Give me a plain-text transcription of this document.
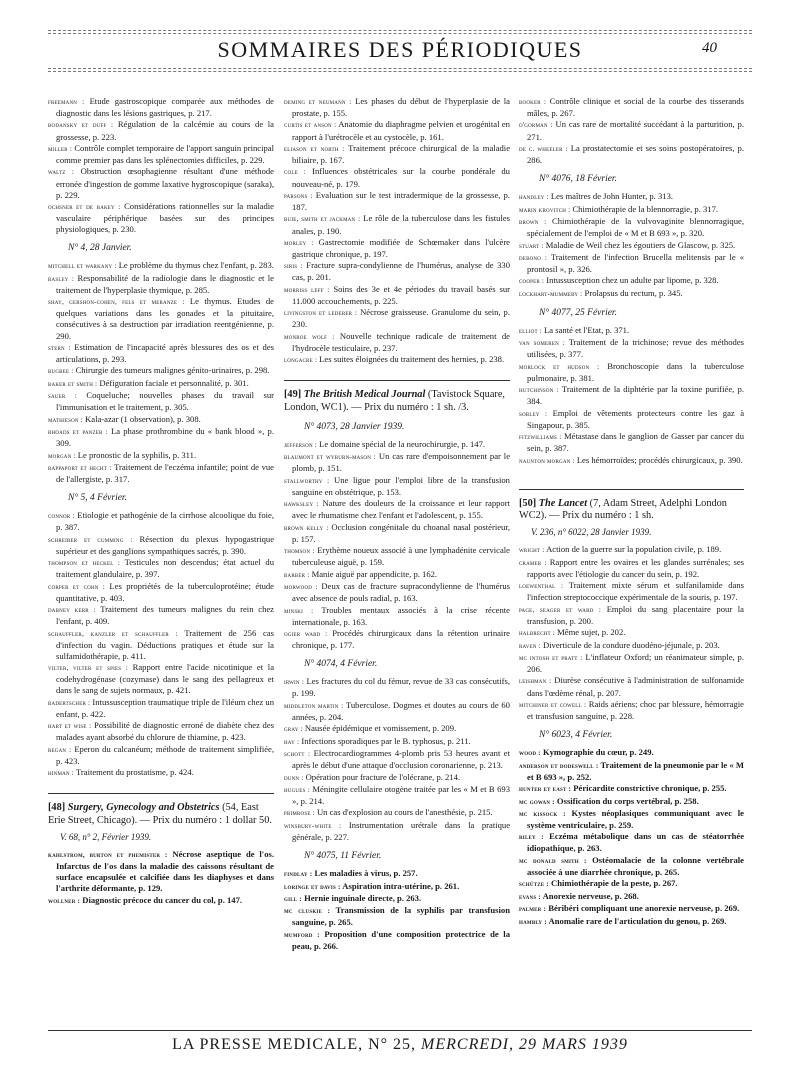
SOMMAIRES DES PÉRIODIQUES	40
freemann : Etude gastroscopique comparée aux méthodes de diagnostic dans les lésions gastriques, p. 217.
bodansky et duff : Régulation de la calcémie au cours de la grossesse, p. 223.
miller : Contrôle complet temporaire de l'apport sanguin principal comme premier pas dans les splénectomies difficiles, p. 229.
waltz : Obstruction œsophagienne résultant d'une méthode erronée d'ingestion de gomme laxative hygroscopique (saraka), p. 229.
ochsner et de bakey : Considérations rationnelles sur la maladie vasculaire périphérique basées sur des principes physiologiques, p. 230.
N° 4, 28 Janvier.
mitchell et warkany : Le problème du thymus chez l'enfant, p. 283.
basley : Responsabilité de la radiologie dans le diagnostic et le traitement de l'hyperplasie thymique, p. 285.
shay, gershon-cohen, fels et meranze : Le thymus. Etudes de quelques variations dans les gonades et la pituitaire, consécutives à sa destruction par irradiation reentgénienne, p. 290.
stern : Estimation de l'incapacité après blessures des os et des articulations, p. 293.
bugbee : Chirurgie des tumeurs malignes génito-urinaires, p. 298.
baker et smith : Défiguration faciale et personnalité, p. 301.
sauer : Coqueluche; nouvelles phases du travail sur l'immunisation et le traitement, p. 305.
mathieson : Kala-azar (1 observation), p. 308.
rhoads et panzer : La phase prothrombine du « bank blood », p. 309.
morgan : Le pronostic de la syphilis, p. 311.
rappaport et hecht : Traitement de l'eczéma infantile; point de vue de l'allergiste, p. 317.
N° 5, 4 Février.
connor : Etiologie et pathogénie de la cirrhose alcoolique du foie, p. 387.
schreiber et cumming : Résection du plexus hypogastrique supérieur et des ganglions sympathiques sacrés, p. 390.
thompson et heckel : Testicules non descendus; état actuel du traitement glandulaire, p. 397.
corper et cohn : Les propriétés de la tuberculoprotéine; étude quantitative, p. 403.
dabney kerr : Traitement des tumeurs malignes du rein chez l'enfant, p. 409.
schauffler, kanzler et schauffler : Traitement de 256 cas d'infection du vagin. Déductions pratiques et étude sur la sulfamidothérapie, p. 411.
vilter, vilter et spies : Rapport entre l'acide nicotinique et la codehydrogénase (cozymase) dans le sang des pellagreux et dans le sang de sujets normaux, p. 421.
badertscher : Intussusception traumatique triple de l'iléum chez un enfant, p. 422.
hart et wise : Possibilité de diagnostic erroné de diabète chez des malades ayant absorbé du chlorure de thiamine, p. 423.
regan : Eperon du calcanéum; méthode de traitement simplifiée, p. 423.
hinman : Traitement du prostatisme, p. 424.
[48] Surgery, Gynecology and Obstetrics (54, East Erie Street, Chicago). — Prix du numéro : 1 dollar 50.
V. 68, n° 2, Février 1939.
kahlstrom, burton et phemister : Nécrose aseptique de l'os. Infarctus de l'os dans la maladie des caissons résultant de surface encapsulée et calcifiée dans les diaphyses et dans l'arthrite déformante, p. 129.
wollner : Diagnostic précoce du cancer du col, p. 147.
deming et neumann : Les phases du début de l'hyperplasie de la prostate, p. 155.
curtis et anson : Anatomie du diaphragme pelvien et urogénital en rapport à l'urétrocèle et au cystocèle, p. 161.
eliason et north : Traitement précoce chirurgical de la maladie biliaire, p. 167.
cole : Influences obstétricales sur la courbe pondérale du nouveau-né, p. 179.
parsons : Evaluation sur le test intradermique de la grossesse, p. 187.
buie, smith et jackman : Le rôle de la tuberculose dans les fistules anales, p. 190.
morley : Gastrectomie modifiée de Schœmaker dans l'ulcère gastrique chronique, p. 197.
siris : Fracture supra-condylienne de l'humérus, analyse de 330 cas, p. 201.
morriss leff : Soins des 3e et 4e périodes du travail basés sur 11.000 accouchements, p. 225.
livingston et lederer : Nécrose graisseuse. Granulome du sein, p. 230.
monroe wolf : Nouvelle technique radicale de traitement de l'hydrocèle testiculaire, p. 237.
longacre : Les suites éloignées du traitement des hernies, p. 238.
[49] The British Medical Journal (Tavistock Square, London, WC1). — Prix du numéro : 1 sh. /3.
N° 4073, 28 Janvier 1939.
jefferson : Le domaine spécial de la neurochirurgie, p. 147.
blaumont et wyburn-mason : Un cas rare d'empoisonnement par le plomb, p. 151.
stallworthy : Une ligue pour l'emploi libre de la transfusion sanguine en obstétrique, p. 153.
hawksley : Nature des douleurs de la croissance et leur rapport avec le rhumatisme chez l'enfant et l'adolescent, p. 155.
brown kelly : Occlusion congénitale du choanal nasal postérieur, p. 157.
thomson : Erythème noueux associé à une lymphadénite cervicale tuberculeuse aiguë, p. 159.
barber : Manie aiguë par appendicite, p. 162.
morwood : Deux cas de fracture supracondylienne de l'humérus avec absence de pouls radial, p. 163.
minski : Troubles mentaux associés à la crise récente internationale, p. 163.
ogier ward : Procédés chirurgicaux dans la rétention urinaire chronique, p. 177.
N° 4074, 4 Février.
irwin : Les fractures du col du fémur, revue de 33 cas consécutifs, p. 199.
middleton martin : Tuberculose. Dogmes et doutes au cours de 60 années, p. 204.
gray : Nausée épidémique et vomissement, p. 209.
hay : Infections sporadiques par le B. typhosus, p. 211.
schott : Electrocardiogrammes 4-plomb pris 53 heures avant et après le début d'une attaque d'occlusion coronarienne, p. 213.
dunn : Opération pour fracture de l'olécrane, p. 214.
hugues : Méningite cellulaire otogène traitée par les « M et B 693 », p. 214.
primrose : Un cas d'explosion au cours de l'anesthésie, p. 215.
winsbury-white : Instrumentation urétrale dans la pratique générale, p. 227.
N° 4075, 11 Février.
findlay : Les maladies à virus, p. 257.
loringe et davis : Aspiration intra-utérine, p. 261.
gill : Hernie inguinale directe, p. 263.
mc cluskie : Transmission de la syphilis par transfusion sanguine, p. 265.
mumford : Proposition d'une composition protectrice de la peau, p. 266.
booker : Contrôle clinique et social de la courbe des tisserands mâles, p. 267.
o'gorman : Un cas rare de mortalité succédant à la parturition, p. 271.
de c. wheeler : La prostatectomie et ses soins postopératoires, p. 286.
N° 4076, 18 Février.
handley : Les maîtres de John Hunter, p. 313.
marin krovitch : Chimiothérapie de la blennorragie, p. 317.
brown : Chimiothérapie de la vulvovaginite blennorragique, spécialement de l'emploi de « M et B 693 », p. 320.
stuart : Maladie de Weil chez les égoutiers de Glascow, p. 325.
debono : Traitement de l'infection Brucella melitensis par le « prontosil », p. 326.
cooper : Intussusception chez un adulte par lipome, p. 328.
lockhart-mummery : Prolapsus du rectum, p. 345.
N° 4077, 25 Février.
elliot : La santé et l'Etat, p. 371.
van someren : Traitement de la trichinose; revue des méthodes utilisées, p. 377.
morlock et hudson : Bronchoscopie dans la tuberculose pulmonaire, p. 381.
hutchinson : Traitement de la diphtérie par la toxine purifiée, p. 384.
sobley : Emploi de vêtements protecteurs contre les gaz à Singapour, p. 385.
fitzwilliams : Métastase dans le ganglion de Gasser par cancer du sein, p. 387.
naunton morgan : Les hémorroïdes; procédés chirurgicaux, p. 390.
[50] The Lancet (7, Adam Street, Adelphi London WC2). — Prix du numéro : 1 sh.
V. 236, n° 6022, 28 Janvier 1939.
wright : Action de la guerre sur la population civile, p. 189.
cramer : Rapport entre les ovaires et les glandes surrénales; ses rapports avec l'étiologie du cancer du sein, p. 192.
loewenthal : Traitement mixte sérum et sulfanilamide dans l'infection streptococcique expérimentale de la souris, p. 197.
page, seager et ward : Emploi du sang placentaire pour la transfusion, p. 200.
halbrecht : Même sujet, p. 202.
raven : Diverticule de la condure duodéno-jéjunale, p. 203.
mc intosh et pratt : L'inflateur Oxford; un réanimateur simple, p. 206.
leishman : Diurèse consécutive à l'administration de sulfonamide dans l'œdème rénal, p. 207.
mitchiner et cowell : Raids aériens; choc par blessure, hémorragie et transfusion sanguine, p. 228.
N° 6023, 4 Février.
wood : Kymographie du cœur, p. 249.
anderson et dodeswell : Traitement de la pneumonie par le « M et B 693 », p. 252.
hunter et east : Péricardite constrictive chronique, p. 255.
mc gowan : Ossification du corps vertébral, p. 258.
mc kissock : Kystes néoplasiques communiquant avec le système ventriculaire, p. 259.
riley : Eczéma métabolique dans un cas de stéatorrhée idiopathique, p. 263.
mc donald smith : Ostéomalacie de la colonne vertébrale associée à une diarrhée chronique, p. 265.
schütze : Chimiothérapie de la peste, p. 267.
evans : Anorexie nerveuse, p. 268.
palmer : Béribéri compliquant une anorexie nerveuse, p. 269.
hambly : Anomalie rare de l'articulation du genou, p. 269.
LA PRESSE MEDICALE, N° 25, MERCREDI, 29 MARS 1939
